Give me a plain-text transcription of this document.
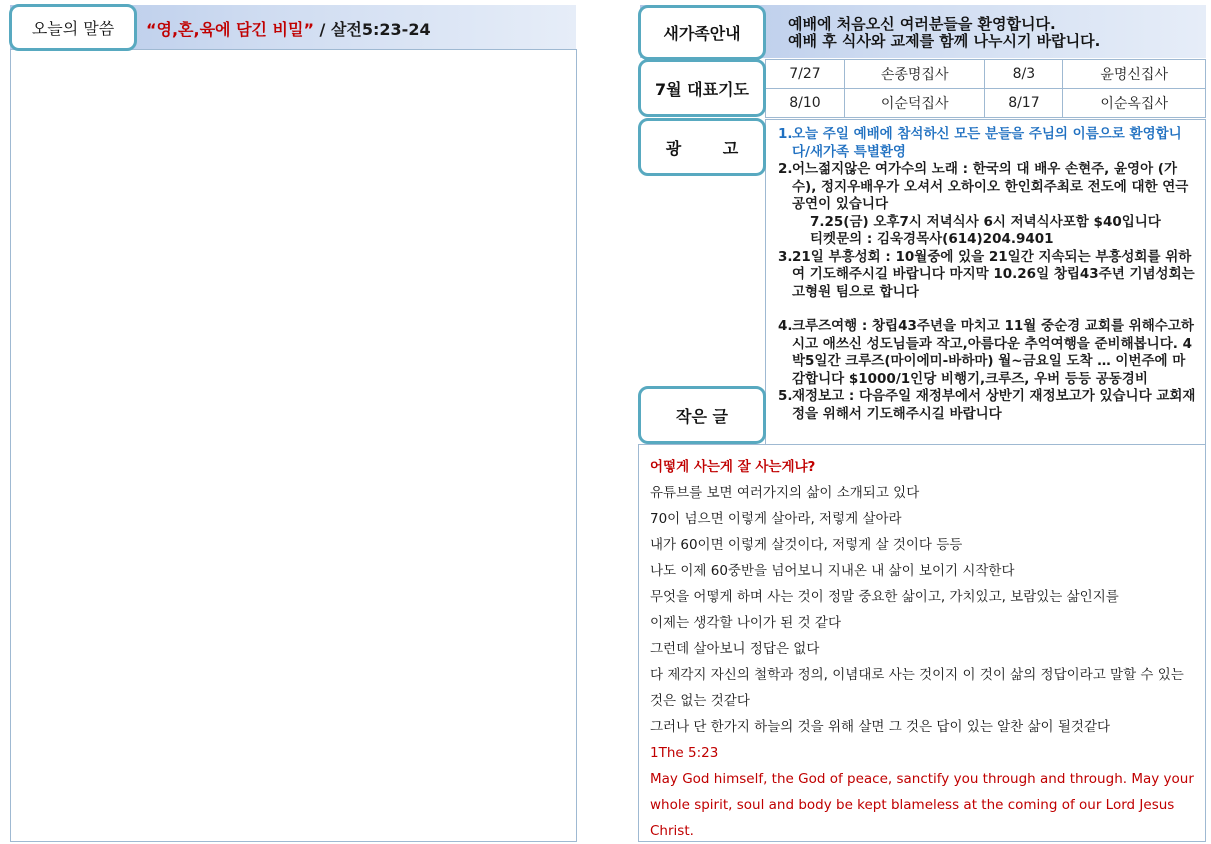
오늘의 말씀	“영,혼,육에 담긴 비밀” / 살전5:23-24	새가족안내	예배에 처음오신 여러분들을 환영합니다.
예배 후 식사와 교제를 함께 나누시기 바랍니다.
7월 대표기도
7/27	손종명집사	8/3	윤명신집사
8/10	이순덕집사	8/17	이순옥집사
광 고
1. 오늘 주일 예배에 참석하신 모든 분들을 주님의 이름으로 환영합니다/새가족 특별환영
2. 어느젊지않은 여가수의 노래 : 한국의 대 배우 손현주, 윤영아 (가수), 정지우배우가 오셔서 오하이오 한인회주최로 전도에 대한 연극공연이 있습니다
7.25(금) 오후7시 저녁식사 6시 저녁식사포함 $40입니다
티켓문의 : 김욱경목사(614)204.9401
3. 21일 부흥성회 : 10월중에 있을 21일간 지속되는 부흥성회를 위하여 기도해주시길 바랍니다 마지막 10.26일 창립43주년 기념성회는 고형원 팀으로 합니다
4. 크루즈여행 : 창립43주년을 마치고 11월 중순경 교회를 위해수고하시고 애쓰신 성도님들과 작고,아름다운 추억여행을 준비해봅니다. 4박5일간 크루즈(마이에미-바하마) 월~금요일 도착 … 이번주에 마감합니다 $1000/1인당 비행기,크루즈, 우버 등등 공동경비
5. 재정보고 : 다음주일 재정부에서 상반기 재정보고가 있습니다 교회재정을 위해서 기도해주시길 바랍니다
작은 글
어떻게 사는게 잘 사는게냐?
유튜브를 보면 여러가지의 삶이 소개되고 있다
70이 넘으면 이렇게 살아라, 저렇게 살아라
내가 60이면 이렇게 살것이다, 저렇게 살 것이다 등등
나도 이제 60중반을 넘어보니 지내온 내 삶이 보이기 시작한다
무엇을 어떻게 하며 사는 것이 정말 중요한 삶이고, 가치있고, 보람있는 삶인지를
이제는 생각할 나이가 된 것 같다
그런데 살아보니 정답은 없다
다 제각지 자신의 철학과 정의, 이념대로 사는 것이지 이 것이 삶의 정답이라고 말할 수 있는 것은 없는 것같다
그러나 단 한가지 하늘의 것을 위해 살면 그 것은 답이 있는 알찬 삶이 될것같다
1The 5:23
May God himself, the God of peace, sanctify you through and through. May your whole spirit, soul and body be kept blameless at the coming of our Lord Jesus Christ.
